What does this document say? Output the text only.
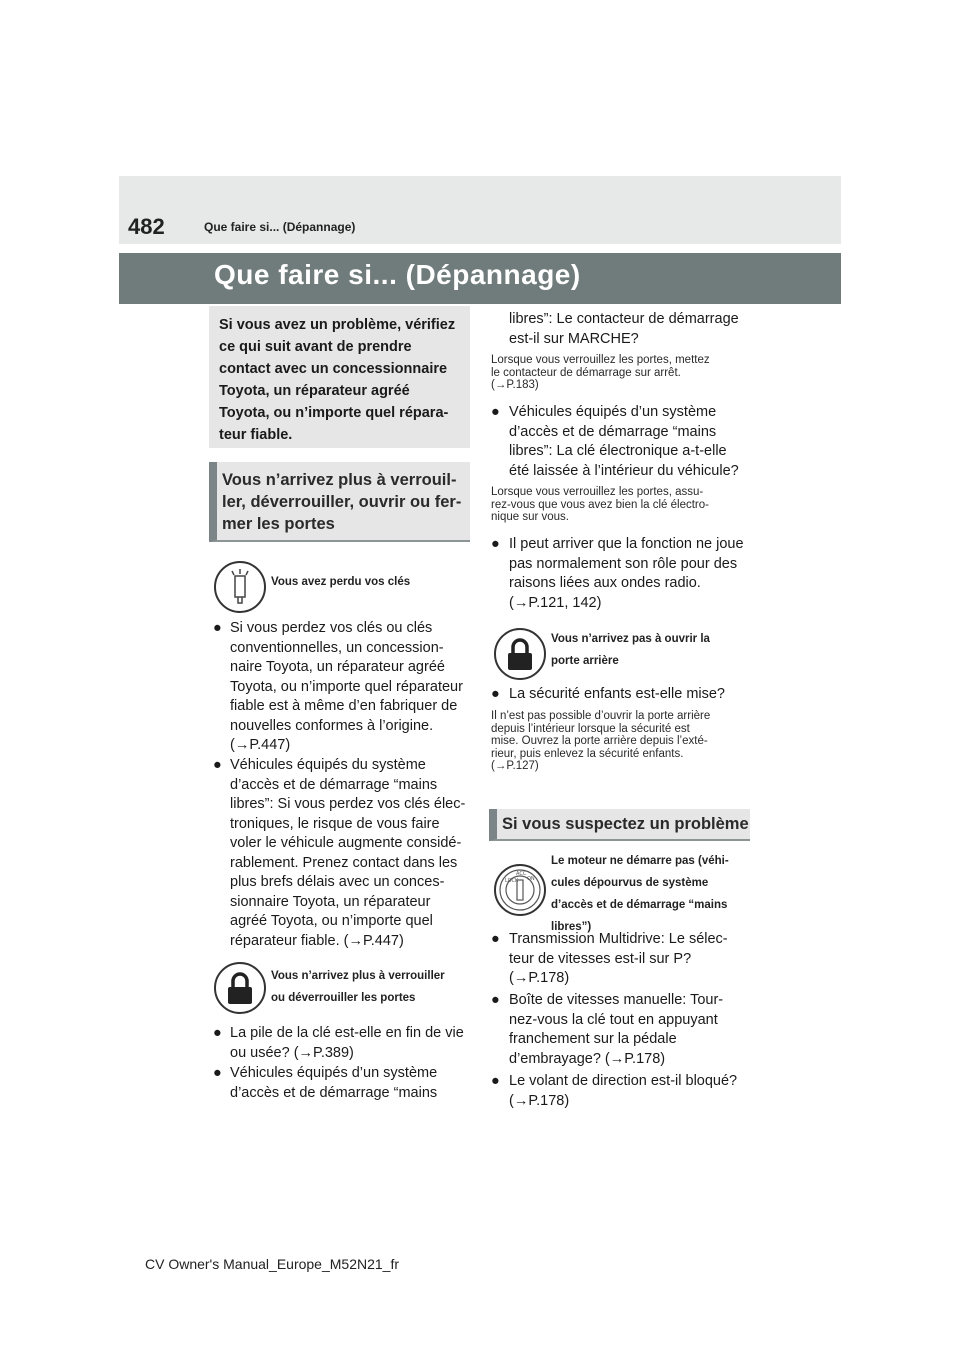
482	Que faire si... (Dépannage)
Que faire si... (Dépannage)
Si vous avez un problème, vérifiez
ce qui suit avant de prendre
contact avec un concessionnaire
Toyota, un réparateur agréé
Toyota, ou n’importe quel répara-
teur fiable.
Vous n’arrivez plus à verrouil-
ler, déverrouiller, ouvrir ou fer-
mer les portes
Vous avez perdu vos clés
● Si vous perdez vos clés ou clés
conventionnelles, un concession-
naire Toyota, un réparateur agréé
Toyota, ou n’importe quel réparateur
fiable est à même d’en fabriquer de
nouvelles conformes à l’origine.
(→P.447)
● Véhicules équipés du système
d’accès et de démarrage “mains
libres”: Si vous perdez vos clés élec-
troniques, le risque de vous faire
voler le véhicule augmente considé-
rablement. Prenez contact dans les
plus brefs délais avec un conces-
sionnaire Toyota, un réparateur
agréé Toyota, ou n’importe quel
réparateur fiable. (→P.447)
Vous n’arrivez plus à verrouiller
ou déverrouiller les portes
● La pile de la clé est-elle en fin de vie
ou usée? (→P.389)
● Véhicules équipés d’un système
d’accès et de démarrage “mains
libres”: Le contacteur de démarrage
est-il sur MARCHE?
Lorsque vous verrouillez les portes, mettez
le contacteur de démarrage sur arrêt.
(→P.183)
● Véhicules équipés d’un système
d’accès et de démarrage “mains
libres”: La clé électronique a-t-elle
été laissée à l’intérieur du véhicule?
Lorsque vous verrouillez les portes, assu-
rez-vous que vous avez bien la clé électro-
nique sur vous.
● Il peut arriver que la fonction ne joue
pas normalement son rôle pour des
raisons liées aux ondes radio.
(→P.121, 142)
Vous n’arrivez pas à ouvrir la
porte arrière
● La sécurité enfants est-elle mise?
Il n’est pas possible d’ouvrir la porte arrière
depuis l’intérieur lorsque la sécurité est
mise. Ouvrez la porte arrière depuis l’exté-
rieur, puis enlevez la sécurité enfants.
(→P.127)
Si vous suspectez un problème
LOCK
ACC
ON
Le moteur ne démarre pas (véhi-
cules dépourvus de système
d’accès et de démarrage “mains
libres”)
● Transmission Multidrive: Le sélec-
teur de vitesses est-il sur P?
(→P.178)
● Boîte de vitesses manuelle: Tour-
nez-vous la clé tout en appuyant
franchement sur la pédale
d’embrayage? (→P.178)
● Le volant de direction est-il bloqué?
(→P.178)
CV Owner's Manual_Europe_M52N21_fr
